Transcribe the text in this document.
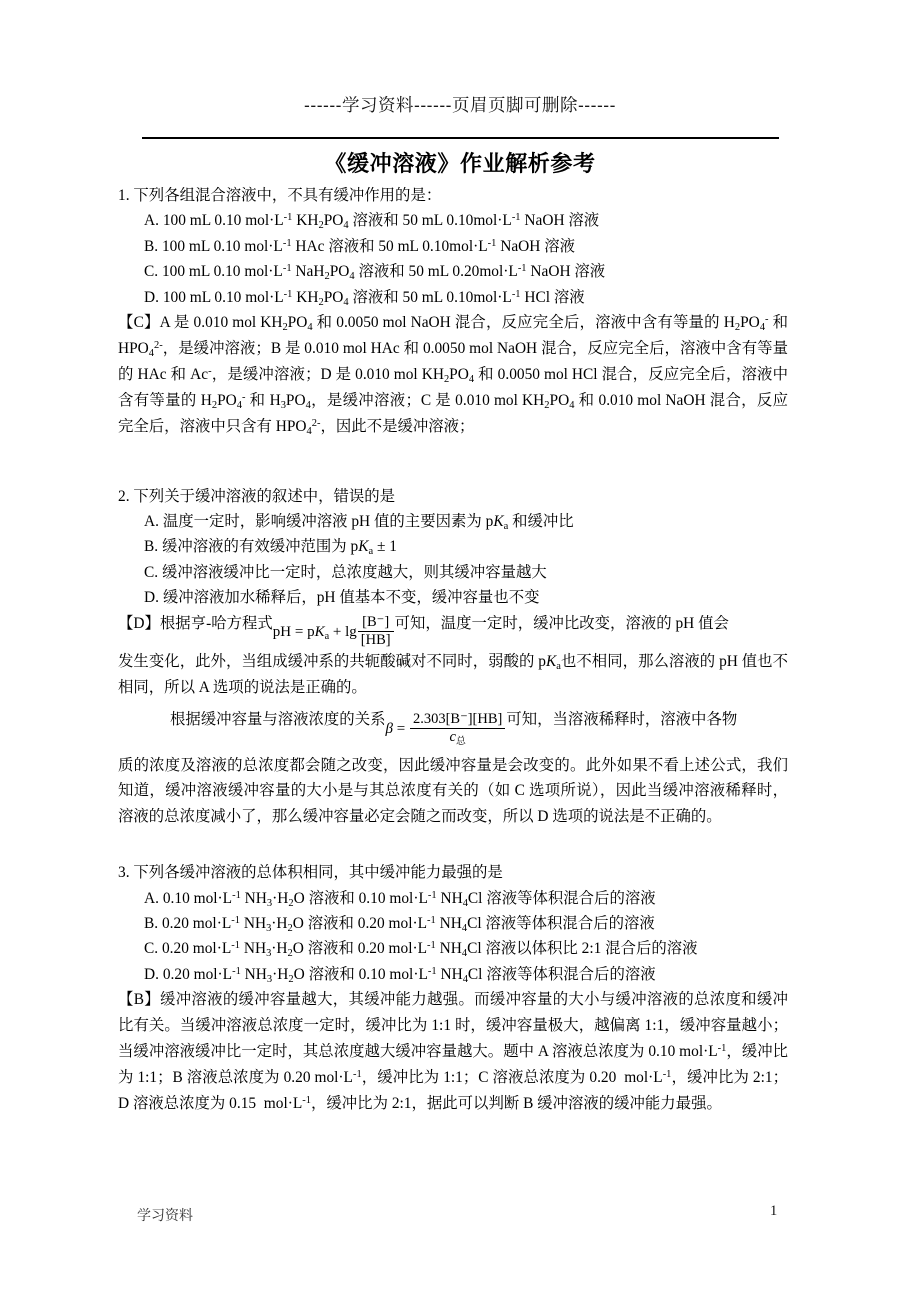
------学习资料------页眉页脚可删除------
《缓冲溶液》作业解析参考
1. 下列各组混合溶液中，不具有缓冲作用的是：
A. 100 mL 0.10 $mol\cdot L^{-1}$ $KH_2PO_4$ 溶液和 50 mL $0.10mol\cdot L^{-1}$ NaOH 溶液
B. 100 mL 0.10 $mol\cdot L^{-1}$ HAc 溶液和 50 mL $0.10mol\cdot L^{-1}$ NaOH 溶液
C. 100 mL 0.10 $mol\cdot L^{-1}$ $NaH_2PO_4$ 溶液和 50 mL $0.20mol\cdot L^{-1}$ NaOH 溶液
D. 100 mL 0.10 $mol\cdot L^{-1}$ $KH_2PO_4$ 溶液和 50 mL $0.10mol\cdot L^{-1}$ HCl 溶液

【C】A 是 0.010 mol $KH_2PO_4$ 和 0.0050 mol NaOH 混合，反应完全后，溶液中含有等量的 $H_2PO_4^-$ 和 $HPO_4^{2-}$，是缓冲溶液；B 是 0.010 mol HAc 和 0.0050 mol NaOH 混合，反应完全后，溶液中含有等量的 HAc 和 Ac-，是缓冲溶液；D 是 0.010 mol $KH_2PO_4$ 和 0.0050 mol HCl 混合，反应完全后，溶液中含有等量的 $H_2PO_4^-$ 和 $H_3PO_4$，是缓冲溶液；C 是 0.010 mol $KH_2PO_4$ 和 0.010 mol NaOH 混合，反应完全后，溶液中只含有 $HPO_4^{2-}$，因此不是缓冲溶液；

2. 下列关于缓冲溶液的叙述中，错误的是
A. 温度一定时，影响缓冲溶液 pH 值的主要因素为 $pK_a$ 和缓冲比
B. 缓冲溶液的有效缓冲范围为 $pK_a \pm 1$
C. 缓冲溶液缓冲比一定时，总浓度越大，则其缓冲容量越大
D. 缓冲溶液加水稀释后，pH 值基本不变，缓冲容量也不变
【D】根据亨-哈方程式pH = $pK_a + \lg \frac{[B^-]}{[HB]}$ 可知，温度一定时，缓冲比改变，溶液的 pH 值会

发生变化，此外，当组成缓冲系的共轭酸碱对不同时，弱酸的 $pK_a$也不相同，那么溶液的 pH 值也不相同，所以 A 选项的说法是正确的。

根据缓冲容量与溶液浓度的关系$\beta = \frac{2.303[B^-][HB]}{c_总}$ 可知，当溶液稀释时，溶液中各物

质的浓度及溶液的总浓度都会随之改变，因此缓冲容量是会改变的。此外如果不看上述公式，我们知道，缓冲溶液缓冲容量的大小是与其总浓度有关的（如 C 选项所说），因此当缓冲溶液稀释时，溶液的总浓度减小了，那么缓冲容量必定会随之而改变，所以 D 选项的说法是不正确的。

3. 下列各缓冲溶液的总体积相同，其中缓冲能力最强的是
A. 0.10 $mol\cdot L^{-1}$ $NH_3\cdot H_2O$ 溶液和 0.10 $mol\cdot L^{-1}$ $NH_4Cl$ 溶液等体积混合后的溶液
B. 0.20 $mol\cdot L^{-1}$ $NH_3\cdot H_2O$ 溶液和 0.20 $mol\cdot L^{-1}$ $NH_4Cl$ 溶液等体积混合后的溶液
C. 0.20 $mol\cdot L^{-1}$ $NH_3\cdot H_2O$ 溶液和 0.20 $mol\cdot L^{-1}$ $NH_4Cl$ 溶液以体积比 2:1 混合后的溶液
D. 0.20 $mol\cdot L^{-1}$ $NH_3\cdot H_2O$ 溶液和 0.10 $mol\cdot L^{-1}$ $NH_4Cl$ 溶液等体积混合后的溶液

【B】缓冲溶液的缓冲容量越大，其缓冲能力越强。而缓冲容量的大小与缓冲溶液的总浓度和缓冲比有关。当缓冲溶液总浓度一定时，缓冲比为 1:1 时，缓冲容量极大，越偏离 1:1，缓冲容量越小；当缓冲溶液缓冲比一定时，其总浓度越大缓冲容量越大。题中 A 溶液总浓度为 0.10 $mol\cdot L^{-1}$，缓冲比为 1:1；B 溶液总浓度为 0.20 $mol\cdot L^{-1}$，缓冲比为 1:1；C 溶液总浓度为 0.20  $mol\cdot L^{-1}$，缓冲比为 2:1；D 溶液总浓度为 0.15  $mol\cdot L^{-1}$，缓冲比为 2:1，据此可以判断 B 缓冲溶液的缓冲能力最强。

学习资料	1
